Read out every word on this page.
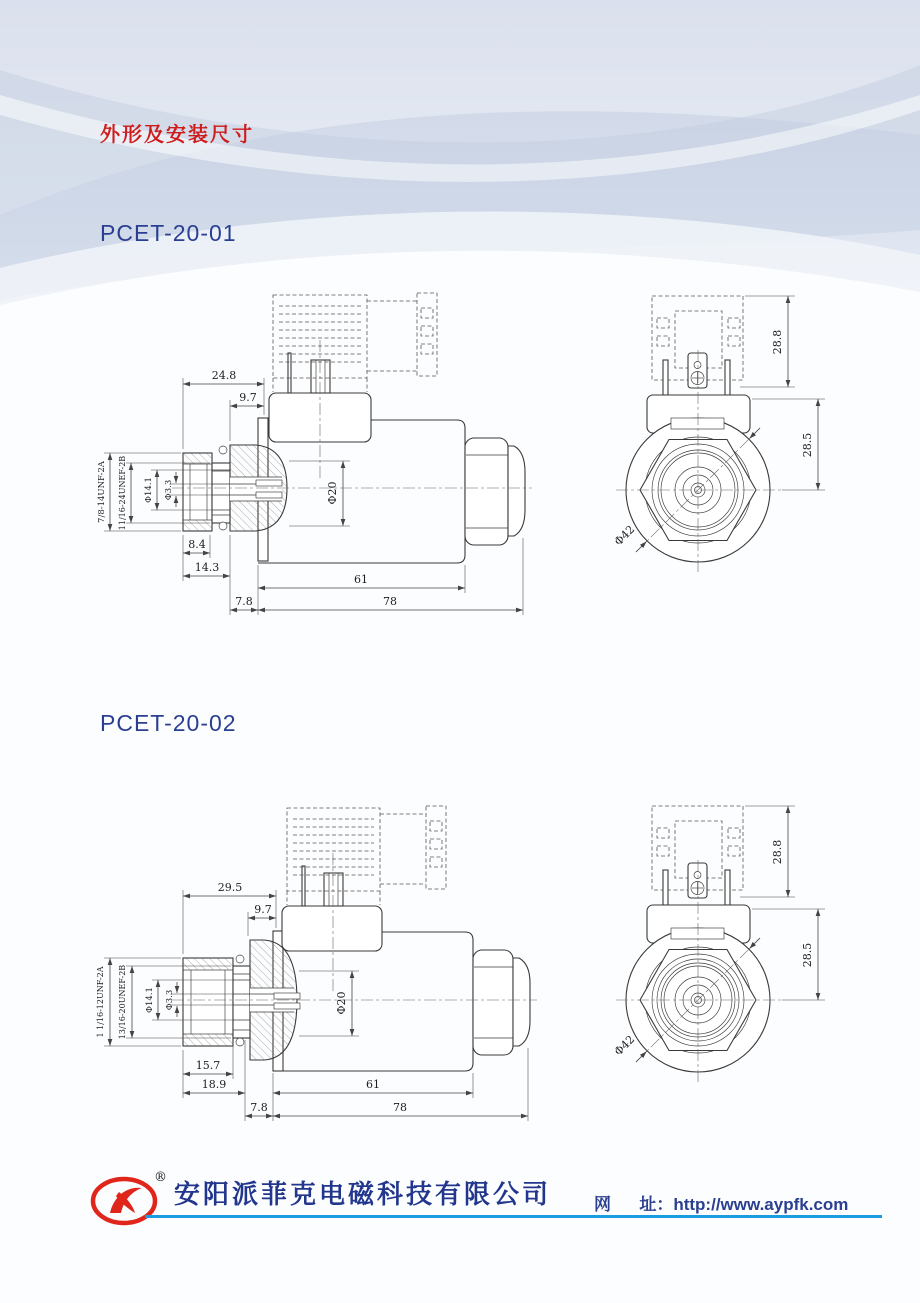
外形及安装尺寸
PCET-20-01
PCET-20-02
24.8
9.7
Φ20
8.4
14.3
7.8
61
78
7/8-14UNF-2A 11/16-24UNEF-2B Φ14.1 Φ3.3
Φ42
28.8
28.5
29.5
9.7
Φ20
15.7
18.9
7.8
61
78
1 1/16-12UNF-2A 13/16-20UNEF-2B Φ14.1 Φ3.3
Φ42
28.8
28.5
®
安阳派菲克电磁科技有限公司	网      址：http://www.aypfk.com
